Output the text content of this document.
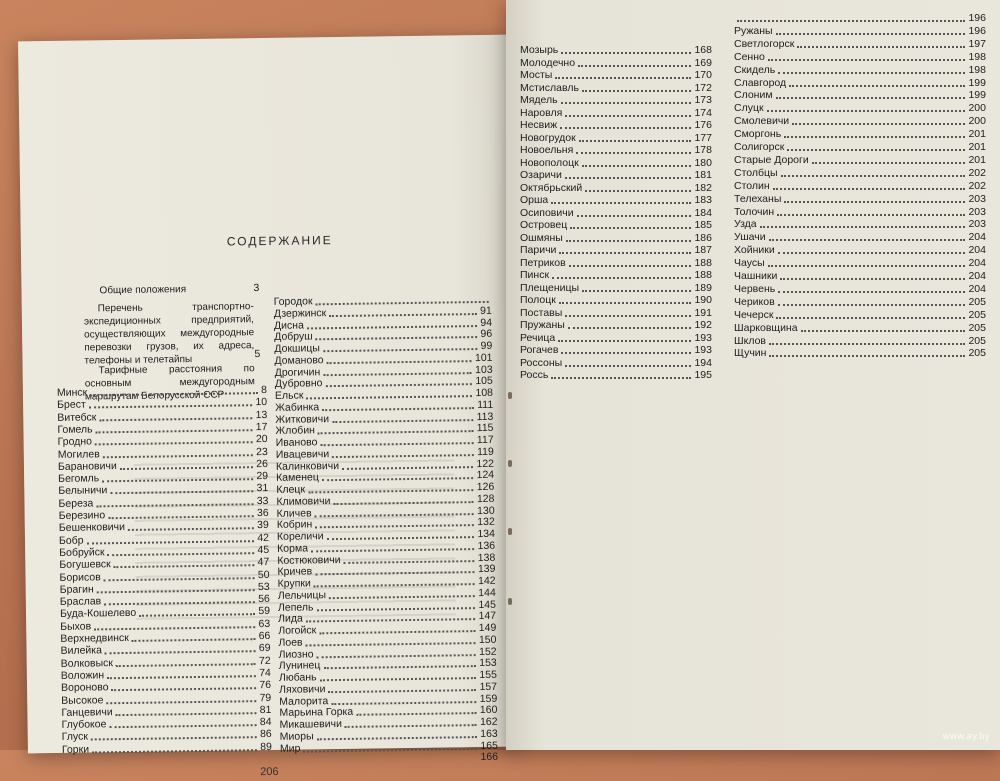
СОДЕРЖАНИЕ
Общие положения	3
Перечень транспортно-экспедиционных предприятий, осуществляющих междугородные перевозки грузов, их адреса, телефоны и телетайпы	5
Тарифные расстояния по основным междугородным маршрутам Белорусской ССР
Минск	8
Брест	10
Витебск	13
Гомель	17
Гродно	20
Могилев	23
Барановичи	26
Бегомль	29
Белыничи	31
Береза	33
Березино	36
Бешенковичи	39
Бобр	42
Бобруйск	45
Богушевск	47
Борисов	50
Брагин	53
Браслав	56
Буда-Кошелево	59
Быхов	63
Верхнедвинск	66
Вилейка	69
Волковыск	72
Воложин	74
Вороново	76
Высокое	79
Ганцевичи	81
Глубокое	84
Глуск	86
Горки	89
Городок
Дзержинск	91
Дисна	94
Добруш	96
Докшицы	99
Доманово	101
Дрогичин	103
Дубровно	105
Ельск	108
Жабинка	111
Житковичи	113
Жлобин	115
Иваново	117
Ивацевичи	119
Калинковичи	122
Каменец	124
Клецк	126
Климовичи	128
Кличев	130
Кобрин	132
Кореличи	134
Корма	136
Костюковичи	138
Кричев	139
Крупки	142
Лельчицы	144
Лепель	145
Лида	147
Логойск	149
Лоев	150
Лиозно	152
Лунинец	153
Любань	155
Ляховичи	157
Малорита	159
Марьина Горка	160
Микашевичи	162
Миоры	163
Мир	165
166
206
Мозырь	168
Молодечно	169
Мосты	170
Мстиславль	172
Мядель	173
Наровля	174
Несвиж	176
Новогрудок	177
Новоельня	178
Новополоцк	180
Озаричи	181
Октябрьский	182
Орша	183
Осиповичи	184
Островец	185
Ошмяны	186
Паричи	187
Петриков	188
Пинск	188
Плещеницы	189
Полоцк	190
Поставы	191
Пружаны	192
Речица	193
Рогачев	193
Россоны	194
Россь	195
196
Ружаны	196
Светлогорск	197
Сенно	198
Скидель	198
Славгород	199
Слоним	199
Слуцк	200
Смолевичи	200
Сморгонь	201
Солигорск	201
Старые Дороги	201
Столбцы	202
Столин	202
Телеханы	203
Толочин	203
Узда	203
Ушачи	204
Хойники	204
Чаусы	204
Чашники	204
Червень	204
Чериков	205
Чечерск	205
Шарковщина	205
Шклов	205
Щучин	205
www.ay.by
